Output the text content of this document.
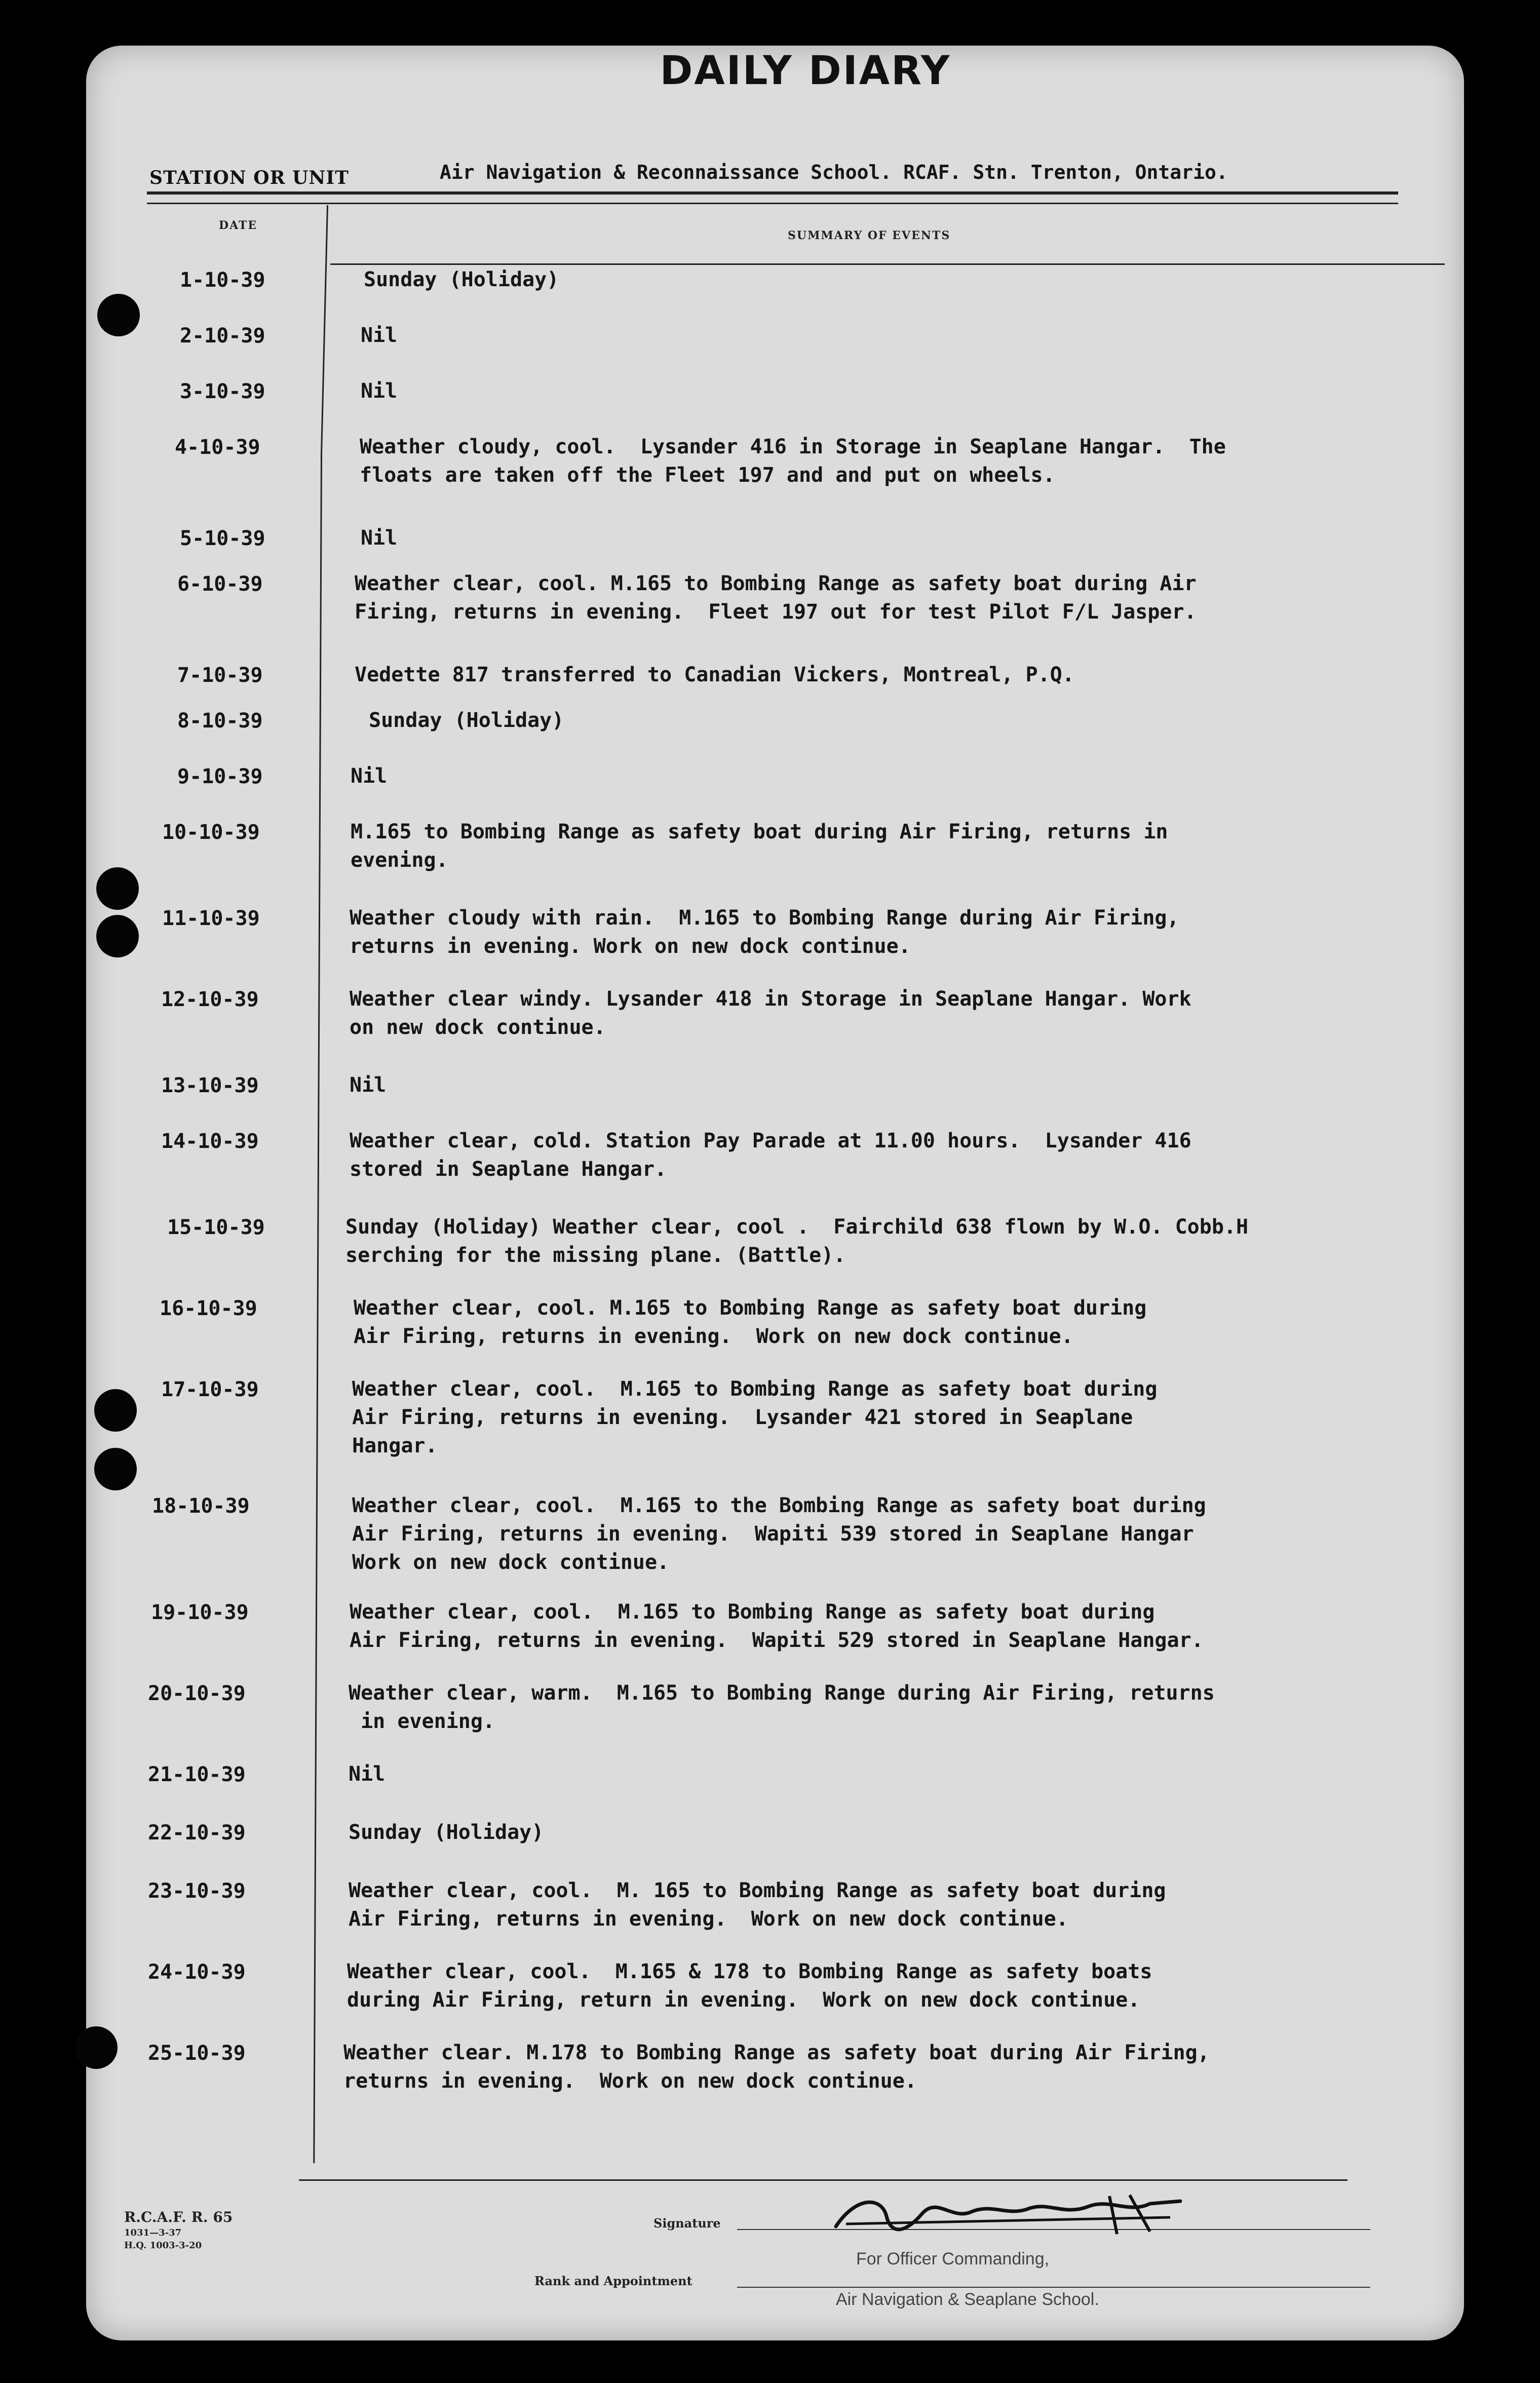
DAILY DIARY
STATION OR UNIT	Air Navigation & Reconnaissance School. RCAF. Stn. Trenton, Ontario.
DATE
SUMMARY OF EVENTS
1-10-39	Sunday (Holiday)
2-10-39	Nil
3-10-39	Nil
4-10-39	Weather cloudy, cool.  Lysander 416 in Storage in Seaplane Hangar.  The
floats are taken off the Fleet 197 and and put on wheels.
5-10-39	Nil
6-10-39	Weather clear, cool. M.165 to Bombing Range as safety boat during Air
Firing, returns in evening.  Fleet 197 out for test Pilot F/L Jasper.
7-10-39	Vedette 817 transferred to Canadian Vickers, Montreal, P.Q.
8-10-39	Sunday (Holiday)
9-10-39	Nil
10-10-39	M.165 to Bombing Range as safety boat during Air Firing, returns in
evening.
11-10-39	Weather cloudy with rain.  M.165 to Bombing Range during Air Firing,
returns in evening. Work on new dock continue.
12-10-39	Weather clear windy. Lysander 418 in Storage in Seaplane Hangar. Work
on new dock continue.
13-10-39	Nil
14-10-39	Weather clear, cold. Station Pay Parade at 11.00 hours.  Lysander 416
stored in Seaplane Hangar.
15-10-39	Sunday (Holiday) Weather clear, cool .  Fairchild 638 flown by W.O. Cobb.H
serching for the missing plane. (Battle).
16-10-39	Weather clear, cool. M.165 to Bombing Range as safety boat during
Air Firing, returns in evening.  Work on new dock continue.
17-10-39	Weather clear, cool.  M.165 to Bombing Range as safety boat during
Air Firing, returns in evening.  Lysander 421 stored in Seaplane
Hangar.
18-10-39	Weather clear, cool.  M.165 to the Bombing Range as safety boat during
Air Firing, returns in evening.  Wapiti 539 stored in Seaplane Hangar
Work on new dock continue.
19-10-39	Weather clear, cool.  M.165 to Bombing Range as safety boat during
Air Firing, returns in evening.  Wapiti 529 stored in Seaplane Hangar.
20-10-39	Weather clear, warm.  M.165 to Bombing Range during Air Firing, returns
in evening.
21-10-39	Nil
22-10-39	Sunday (Holiday)
23-10-39	Weather clear, cool.  M. 165 to Bombing Range as safety boat during
Air Firing, returns in evening.  Work on new dock continue.
24-10-39	Weather clear, cool.  M.165 & 178 to Bombing Range as safety boats
during Air Firing, return in evening.  Work on new dock continue.
25-10-39	Weather clear. M.178 to Bombing Range as safety boat during Air Firing,
returns in evening.  Work on new dock continue.
R.C.A.F. R. 65
1031—3-37
H.Q. 1003-3-20
Signature
Rank and Appointment
For Officer Commanding,
Air Navigation & Seaplane School.
